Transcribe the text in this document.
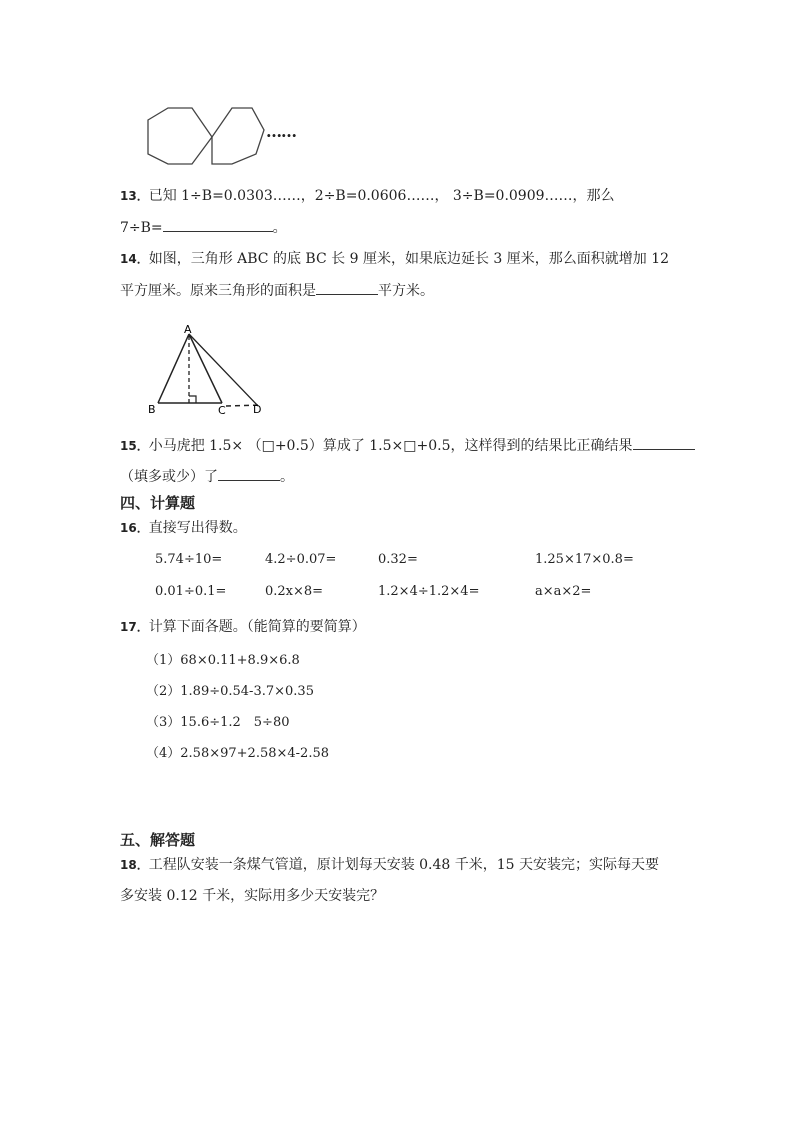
……
13．已知 1÷B=0.0303……，2÷B=0.0606……， 3÷B=0.0909……，那么
7÷B=	。
14．如图，三角形 ABC 的底 BC 长 9 厘米，如果底边延长 3 厘米，那么面积就增加 12
平方厘米。原来三角形的面积是	平方米。
A
B	C D
15．小马虎把 1.5× （□+0.5）算成了 1.5×□+0.5，这样得到的结果比正确结果
（填多或少）了	。
四、计算题
16．直接写出得数。
5.74÷10=	4.2÷0.07=	0.32=	1.25×17×0.8=
0.01÷0.1=	0.2x×8=	1.2×4÷1.2×4=	a×a×2=
17．计算下面各题。（能简算的要简算）
（1）68×0.11+8.9×6.8
（2）1.89÷0.54-3.7×0.35
（3）15.6÷1.2　5÷80
（4）2.58×97+2.58×4-2.58
五、解答题
18．工程队安装一条煤气管道，原计划每天安装 0.48 千米，15 天安装完；实际每天要
多安装 0.12 千米，实际用多少天安装完？
